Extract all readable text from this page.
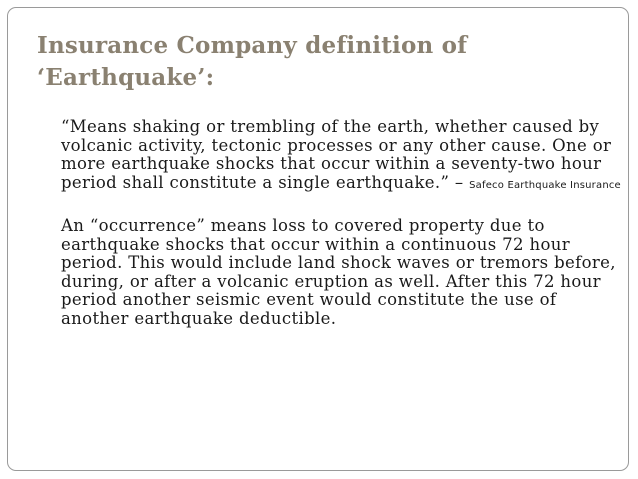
Insurance Company definition of
‘Earthquake’:

“Means shaking or trembling of the earth, whether caused by volcanic activity, tectonic processes or any other cause. One or more earthquake shocks that occur within a seventy-two hour period shall constitute a single earthquake.” – Safeco Earthquake Insurance

An “occurrence” means loss to covered property due to earthquake shocks that occur within a continuous 72 hour period. This would include land shock waves or tremors before, during, or after a volcanic eruption as well. After this 72 hour period another seismic event would constitute the use of another earthquake deductible.
